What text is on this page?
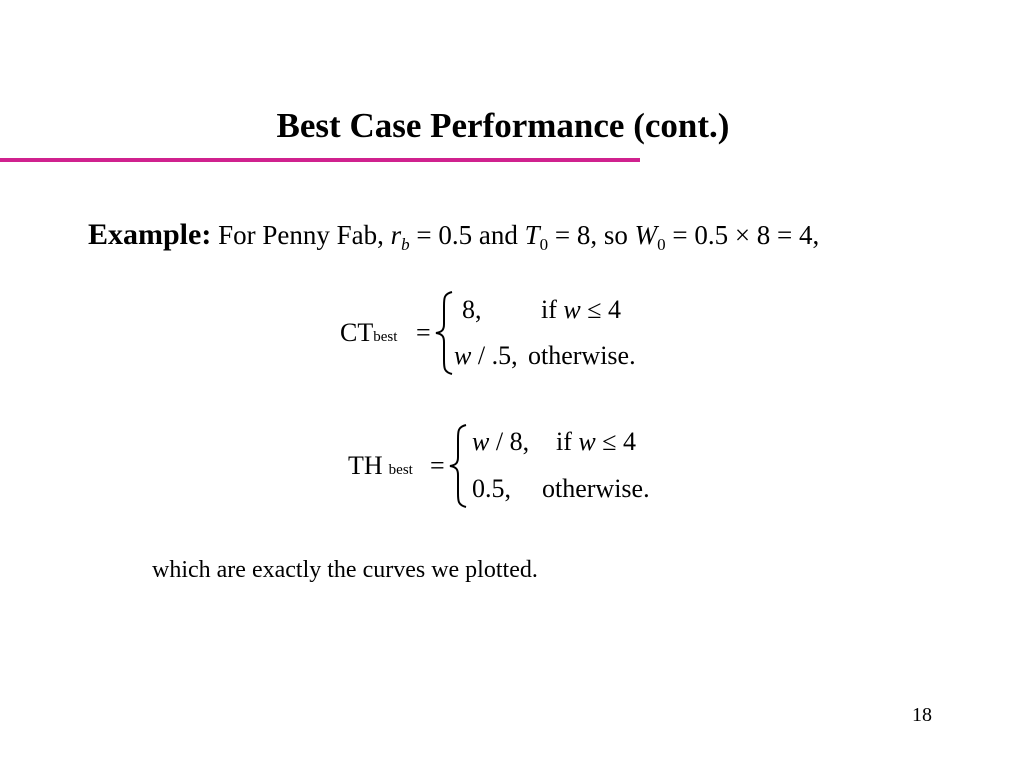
Best Case Performance (cont.)
Example: For Penny Fab, $r_b = 0.5$ and $T_0 = 8$, so $W_0 = 0.5 \times 8 = 4$,
CTbest =
8, if w ≤ 4
w / .5, otherwise.
TH best =
w / 8, if w ≤ 4
0.5, otherwise.
which are exactly the curves we plotted.
18
